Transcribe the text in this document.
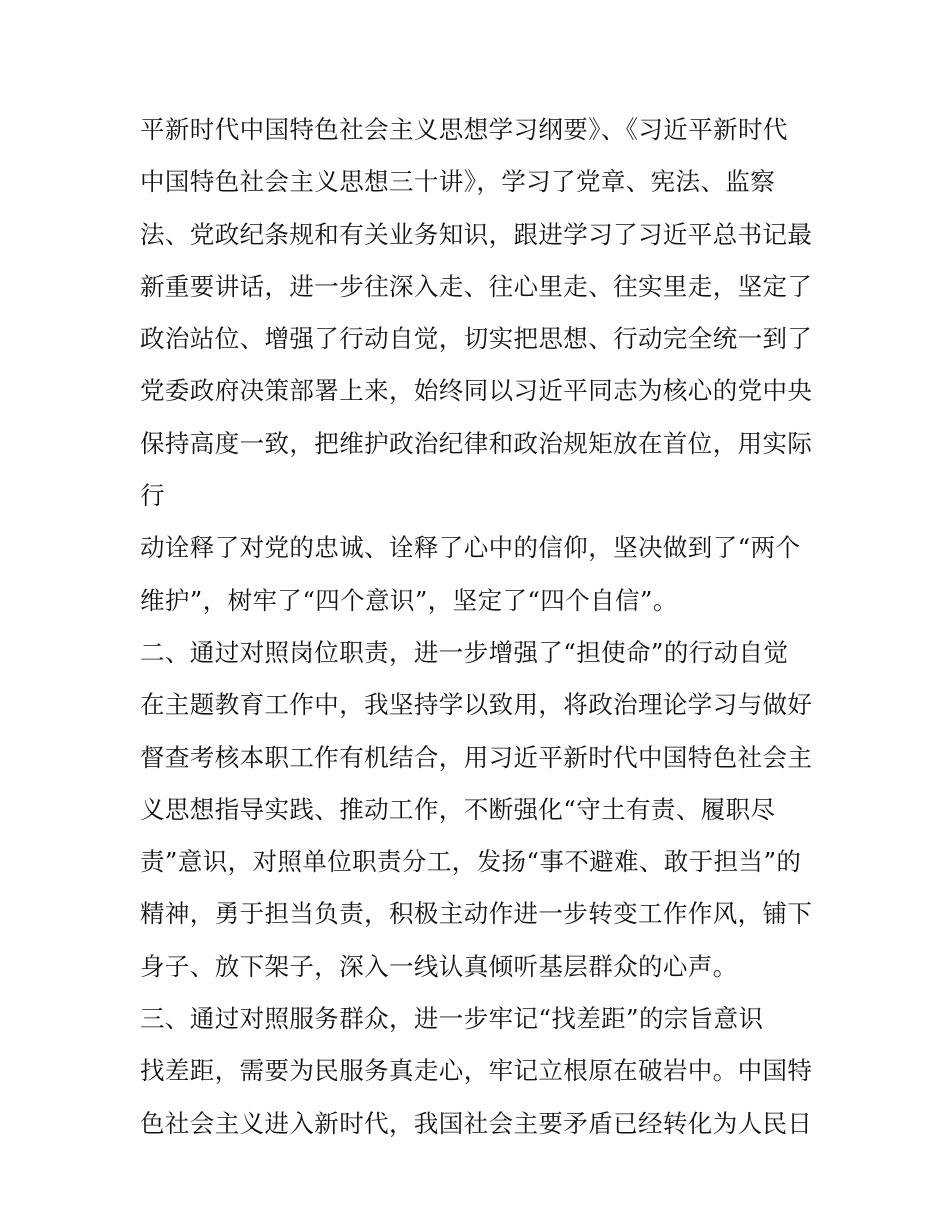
平新时代中国特色社会主义思想学习纲要》、《习近平新时代
中国特色社会主义思想三十讲》，学习了党章、宪法、监察
法、党政纪条规和有关业务知识，跟进学习了习近平总书记最
新重要讲话，进一步往深入走、往心里走、往实里走，坚定了
政治站位、增强了行动自觉，切实把思想、行动完全统一到了
党委政府决策部署上来，始终同以习近平同志为核心的党中央
保持高度一致，把维护政治纪律和政治规矩放在首位，用实际
行
动诠释了对党的忠诚、诠释了心中的信仰，坚决做到了“两个
维护”，树牢了“四个意识”，坚定了“四个自信”。
二、通过对照岗位职责，进一步增强了“担使命”的行动自觉
在主题教育工作中，我坚持学以致用，将政治理论学习与做好
督查考核本职工作有机结合，用习近平新时代中国特色社会主
义思想指导实践、推动工作，不断强化“守土有责、履职尽
责”意识，对照单位职责分工，发扬“事不避难、敢于担当”的
精神，勇于担当负责，积极主动作进一步转变工作作风，铺下
身子、放下架子，深入一线认真倾听基层群众的心声。
三、通过对照服务群众，进一步牢记“找差距”的宗旨意识
找差距，需要为民服务真走心，牢记立根原在破岩中。中国特
色社会主义进入新时代，我国社会主要矛盾已经转化为人民日
